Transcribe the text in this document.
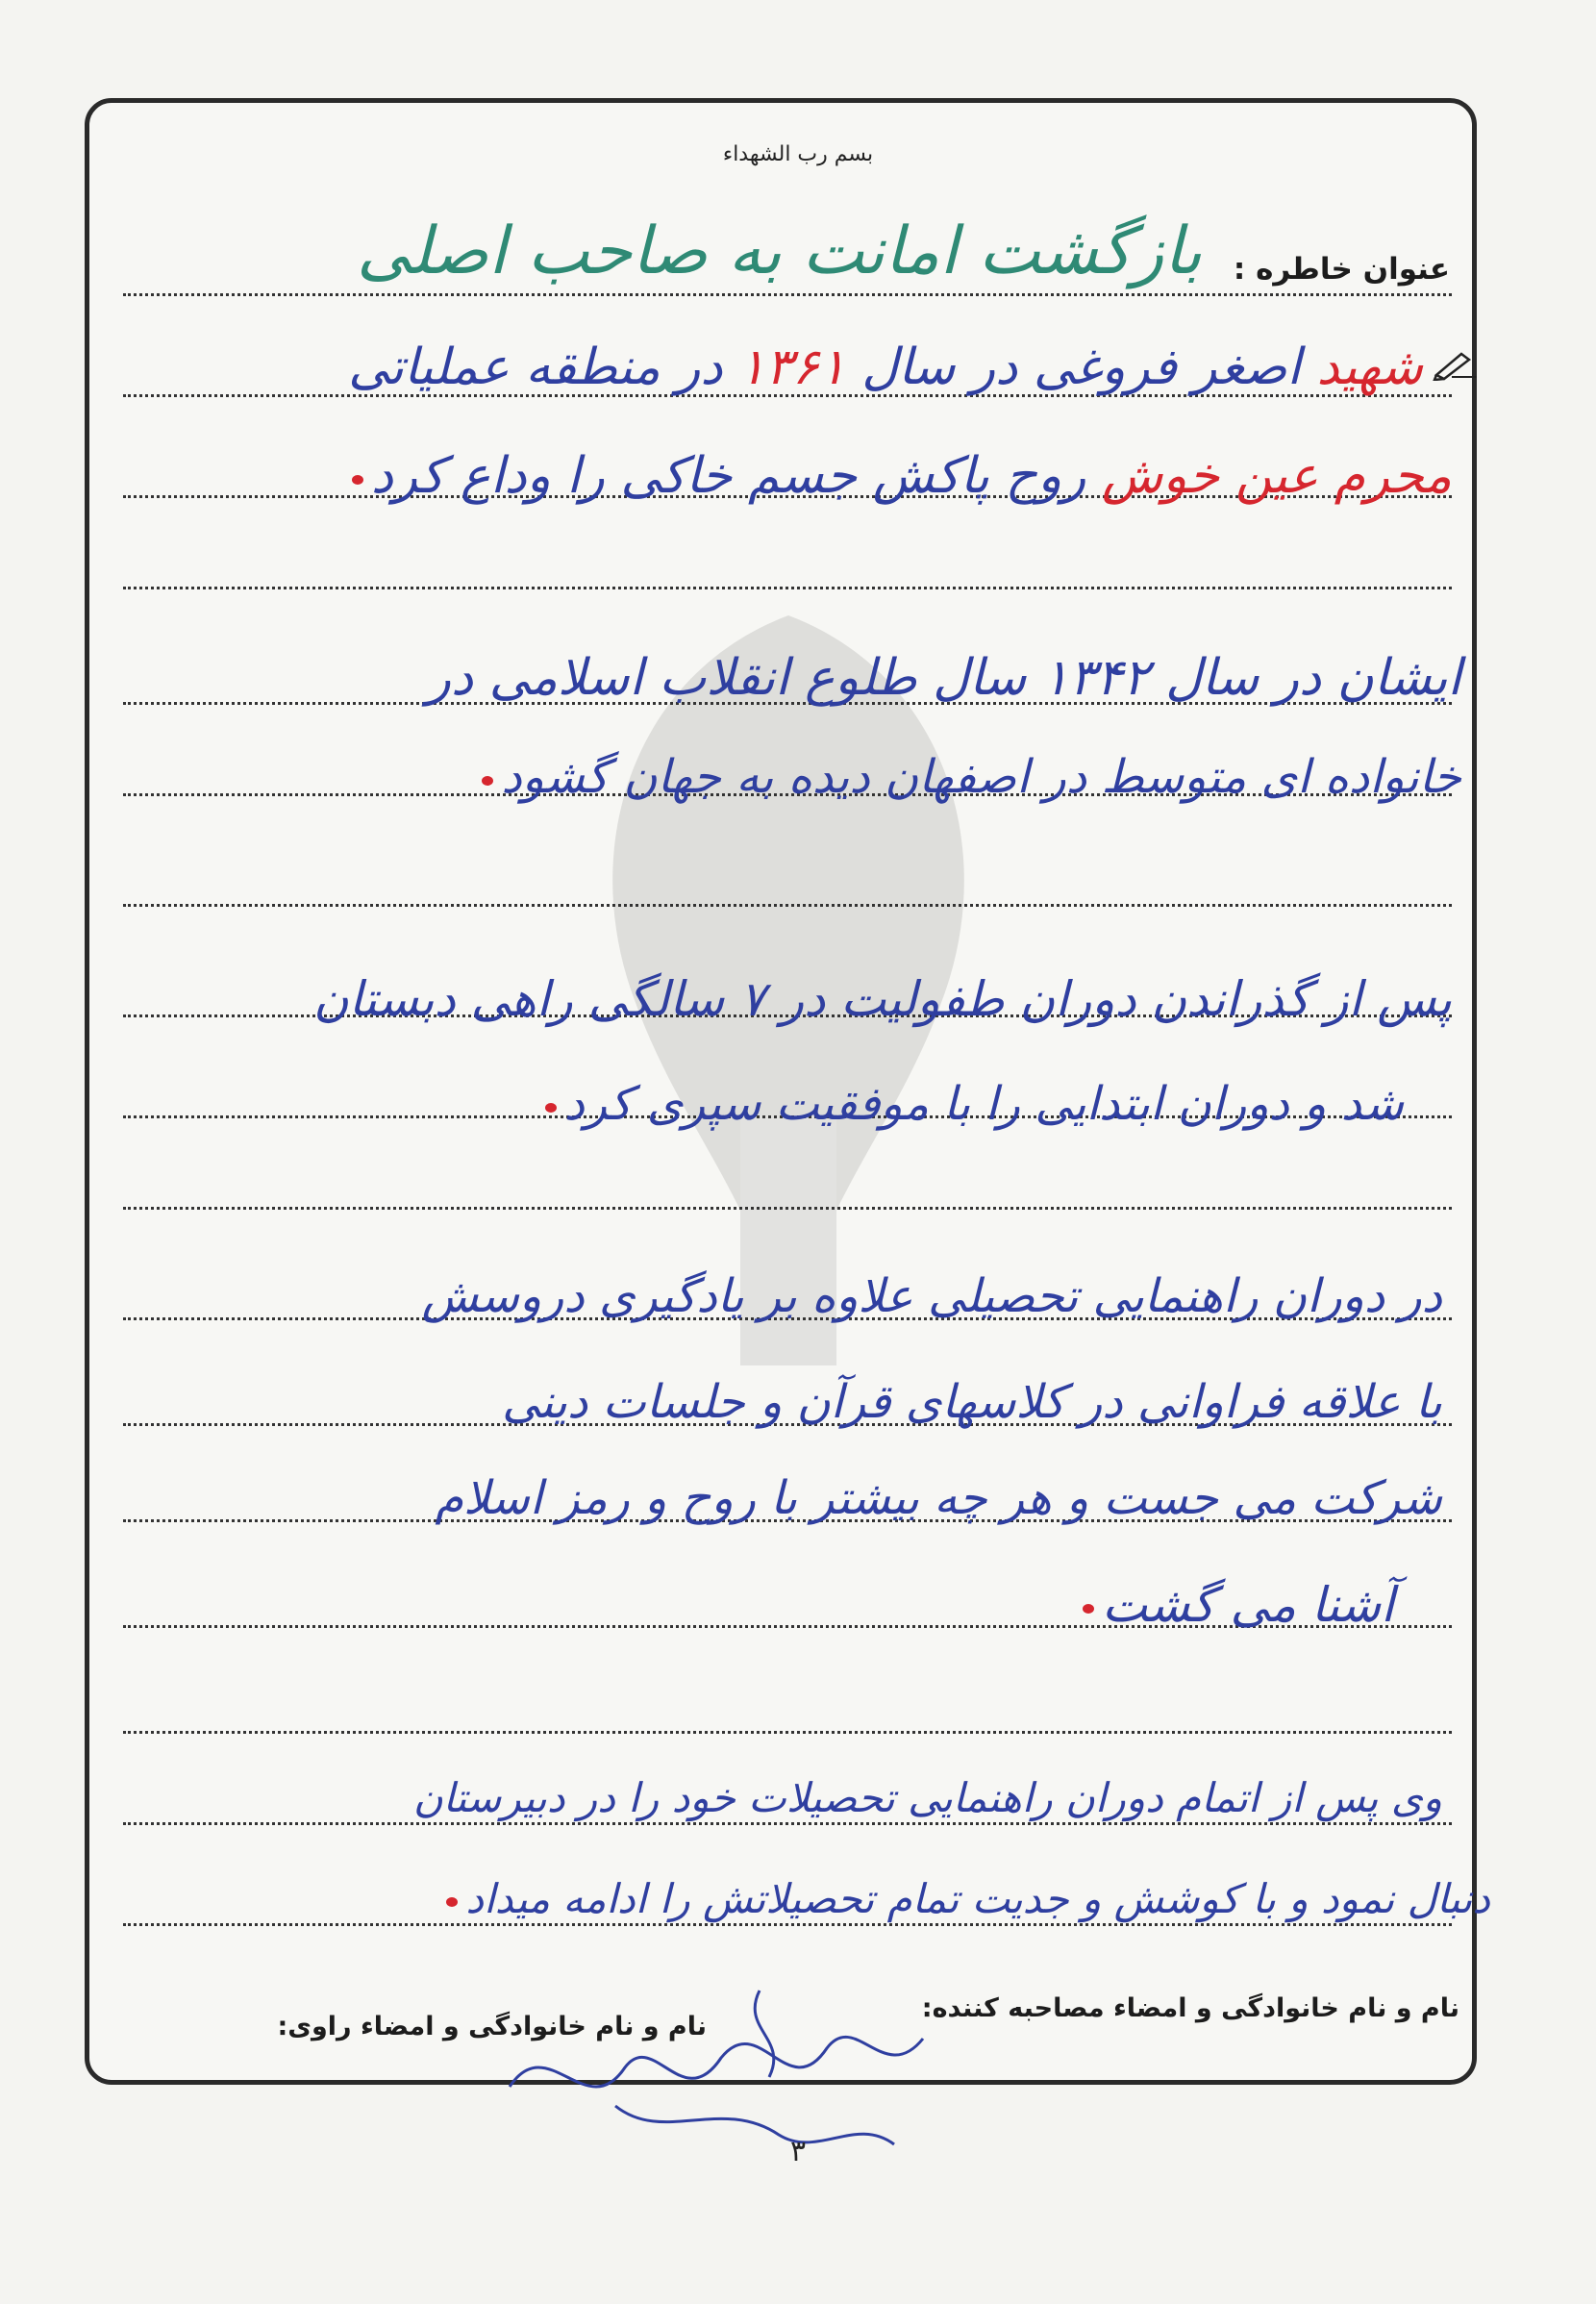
بسم رب الشهداء
بازگشت امانت به صاحب اصلی عنوان خاطره :
شهید اصغر فروغی در سال ۱۳۶۱ در منطقه عملیاتی
محرم عین خوش روح پاکش جسم خاکی را وداع کرد
ایشان در سال ۱۳۴۲ سال طلوع انقلاب اسلامی در
خانواده ای متوسط در اصفهان دیده به جهان گشود
پس از گذراندن دوران طفولیت در ۷ سالگی راهی دبستان
شد و دوران ابتدایی را با موفقیت سپری کرد
در دوران راهنمایی تحصیلی علاوه بر یادگیری دروسش
با علاقه فراوانی در کلاسهای قرآن و جلسات دینی
شرکت می جست و هر چه بیشتر با روح و رمز اسلام
آشنا می گشت
وی پس از اتمام دوران راهنمایی تحصیلات خود را در دبیرستان
دنبال نمود و با کوشش و جدیت تمام تحصیلاتش را ادامه میداد
نام و نام خانوادگی و امضاء مصاحبه کننده:
نام و نام خانوادگی و امضاء راوی:
۳
